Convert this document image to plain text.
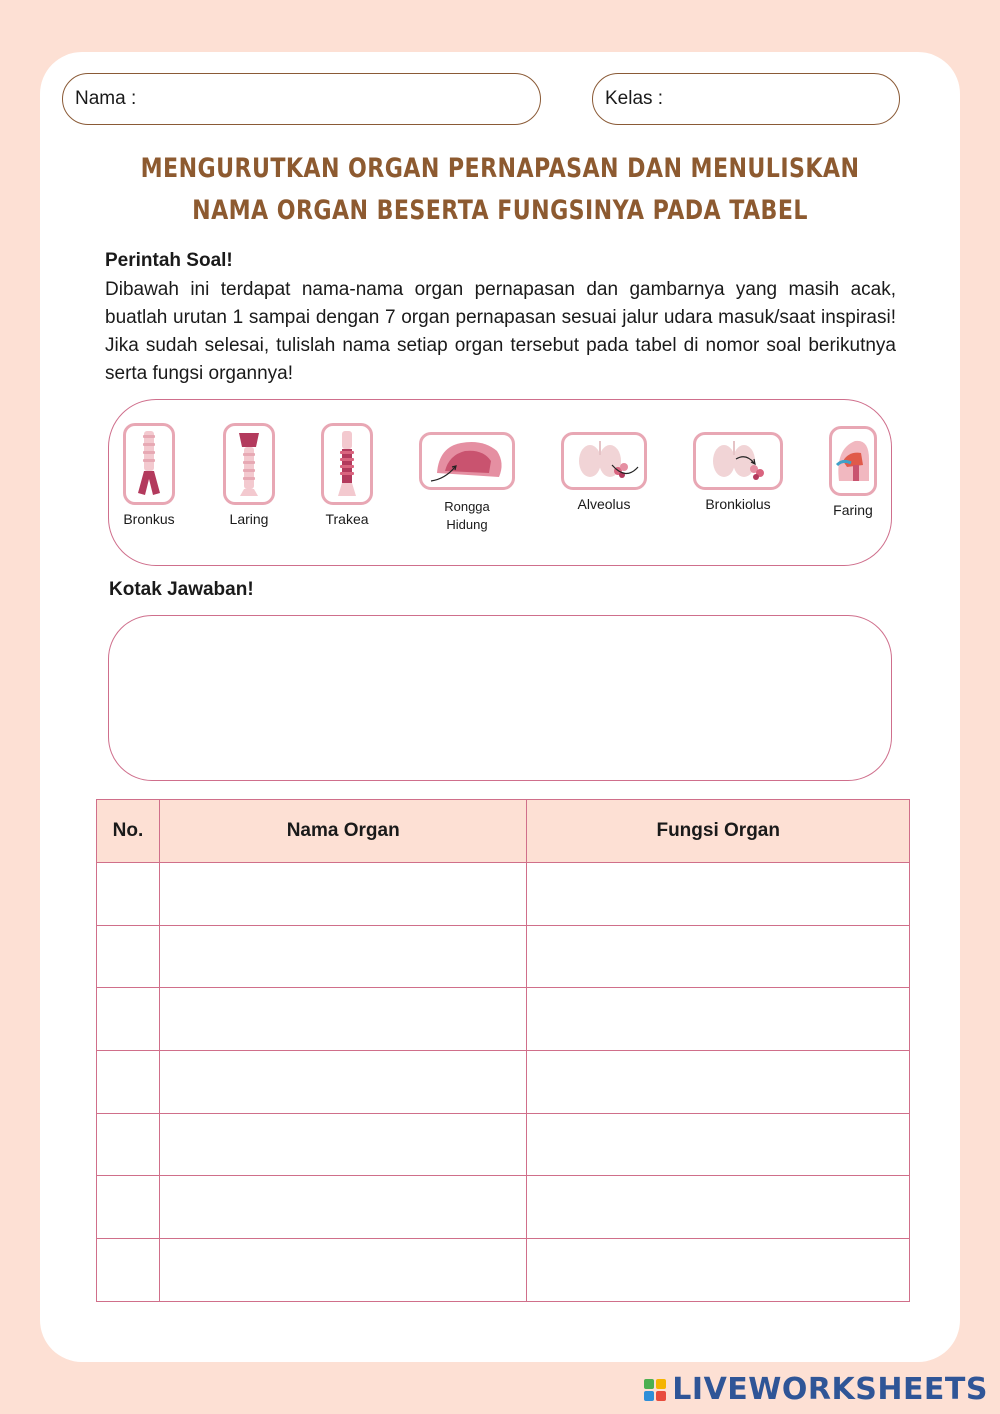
Nama :	Kelas :
MENGURUTKAN ORGAN PERNAPASAN DAN MENULISKAN
NAMA ORGAN BESERTA FUNGSINYA PADA TABEL
Perintah Soal!
Dibawah ini terdapat nama-nama organ pernapasan dan gambarnya yang masih acak, buatlah urutan 1 sampai dengan 7 organ pernapasan sesuai jalur udara masuk/saat inspirasi! Jika sudah selesai, tulislah nama setiap organ tersebut pada tabel di nomor soal berikutnya serta fungsi organnya!
Bronkus	Laring	Trakea
Rongga Hidung
Alveolus	Bronkiolus	Faring
Kotak Jawaban!
No.	Nama Organ	Fungsi Organ

LIVEWORKSHEETS
